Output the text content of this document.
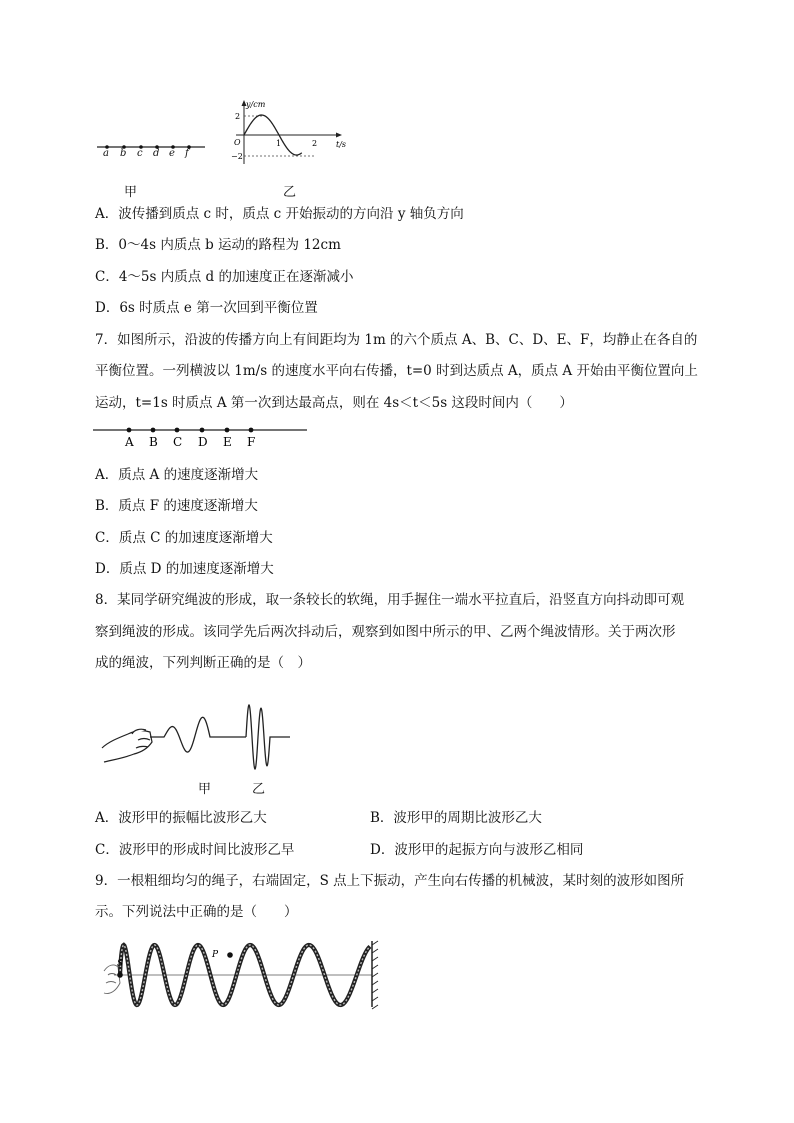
a b c d e f
甲
y/cm
t/s
2
−2
O	1	2
乙
A．波传播到质点 c 时，质点 c 开始振动的方向沿 y 轴负方向
B．0～4s 内质点 b 运动的路程为 12cm
C．4～5s 内质点 d 的加速度正在逐渐减小
D．6s 时质点 e 第一次回到平衡位置
7．如图所示，沿波的传播方向上有间距均为 1m 的六个质点 A、B、C、D、E、F，均静止在各自的
平衡位置。一列横波以 1m/s 的速度水平向右传播，t=0 时到达质点 A，质点 A 开始由平衡位置向上
运动，t=1s 时质点 A 第一次到达最高点，则在 4s＜t＜5s 这段时间内（　　）
A B C D E F
A．质点 A 的速度逐渐增大
B．质点 F 的速度逐渐增大
C．质点 C 的加速度逐渐增大
D．质点 D 的加速度逐渐增大
8．某同学研究绳波的形成，取一条较长的软绳，用手握住一端水平拉直后，沿竖直方向抖动即可观
察到绳波的形成。该同学先后两次抖动后，观察到如图中所示的甲、乙两个绳波情形。关于两次形
成的绳波，下列判断正确的是（　）
甲	乙
A．波形甲的振幅比波形乙大	B．波形甲的周期比波形乙大
C．波形甲的形成时间比波形乙早	D．波形甲的起振方向与波形乙相同
9．一根粗细均匀的绳子，右端固定，S 点上下振动，产生向右传播的机械波，某时刻的波形如图所
示。下列说法中正确的是（　　）
S
P
